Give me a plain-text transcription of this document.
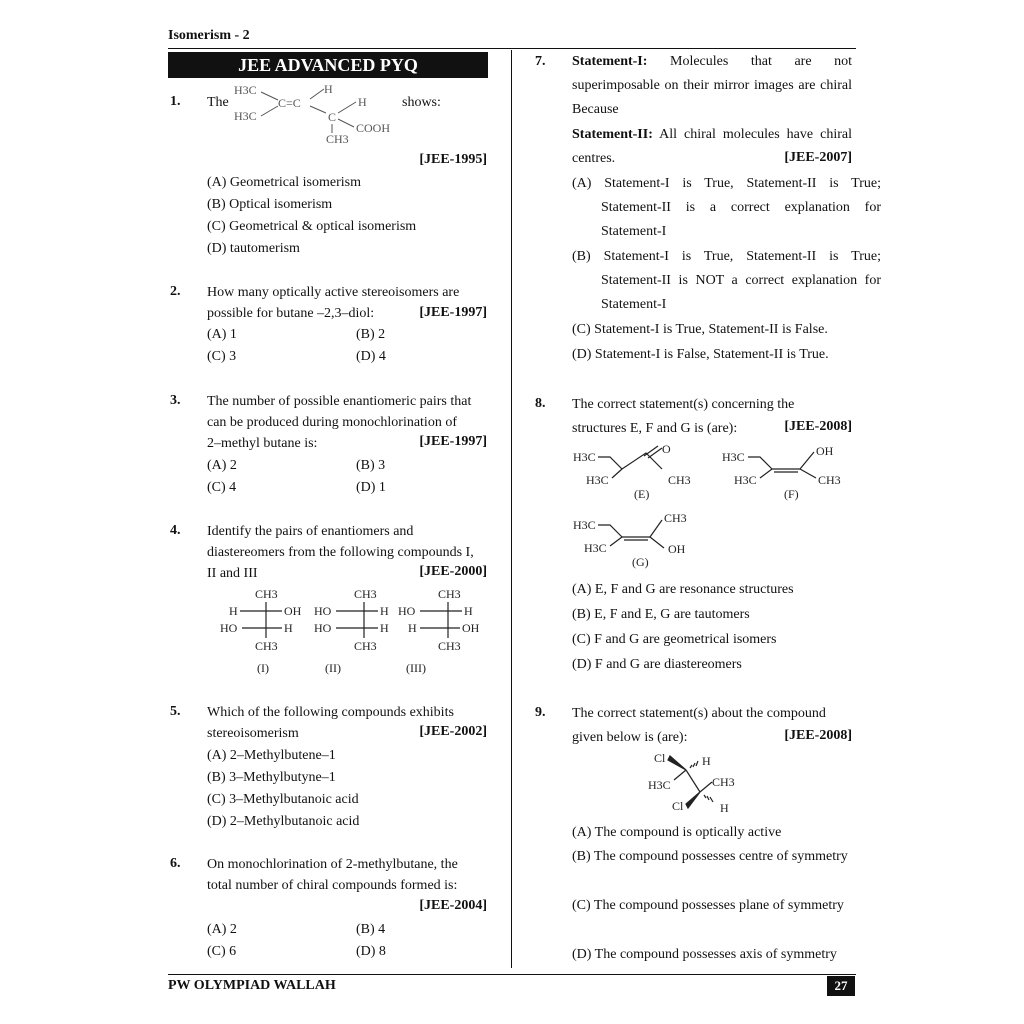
Isomerism - 2
JEE ADVANCED PYQ
1. The
H3C
H3C
C=C
H
H
C
COOH
CH3
shows:
[JEE-1995]
(A) Geometrical isomerism
(B) Optical isomerism
(C) Geometrical & optical isomerism
(D) tautomerism
2. How many optically active stereoisomers are
possible for butane –2,3–diol:	[JEE-1997]
(A) 1	(B) 2
(C) 3	(D) 4
3. The number of possible enantiomeric pairs that
can be produced during monochlorination of
2–methyl butane is:	[JEE-1997]
(A) 2	(B) 3
(C) 4	(D) 1
4. Identify the pairs of enantiomers and
diastereomers from the following compounds I,
II and III	[JEE-2000]
CH3
H	OH
HO	H
CH3
(I)
CH3
HO	H
HO	H
CH3
(II)
CH3
HO	H
H	OH
CH3
(III)
5. Which of the following compounds exhibits
stereoisomerism	[JEE-2002]
(A) 2–Methylbutene–1
(B) 3–Methylbutyne–1
(C) 3–Methylbutanoic acid
(D) 2–Methylbutanoic acid
6. On monochlorination of 2-methylbutane, the
total number of chiral compounds formed is:
[JEE-2004]
(A) 2	(B) 4
(C) 6	(D) 8
7. Statement-I: Molecules that are not superimposable on their mirror images are chiral Because
Statement-II: All chiral molecules have chiral centres.	[JEE-2007]
(A) Statement-I is True, Statement-II is True; Statement-II is a correct explanation for Statement-I
(B) Statement-I is True, Statement-II is True; Statement-II is NOT a correct explanation for Statement-I
(C) Statement-I is True, Statement-II is False.
(D) Statement-I is False, Statement-II is True.
8. The correct statement(s) concerning the
structures E, F and G is (are):	[JEE-2008]
H3C
H3C
O
CH3
(E)
H3C
H3C
OH
CH3
(F)
H3C
H3C
CH3
OH
(G)
(A) E, F and G are resonance structures
(B) E, F and E, G are tautomers
(C) F and G are geometrical isomers
(D) F and G are diastereomers
9. The correct statement(s) about the compound
given below is (are):	[JEE-2008]
Cl	H
H3C	CH3
Cl	H
(A) The compound is optically active
(B) The compound possesses centre of symmetry
(C) The compound possesses plane of symmetry
(D) The compound possesses axis of symmetry
PW OLYMPIAD WALLAH	27
